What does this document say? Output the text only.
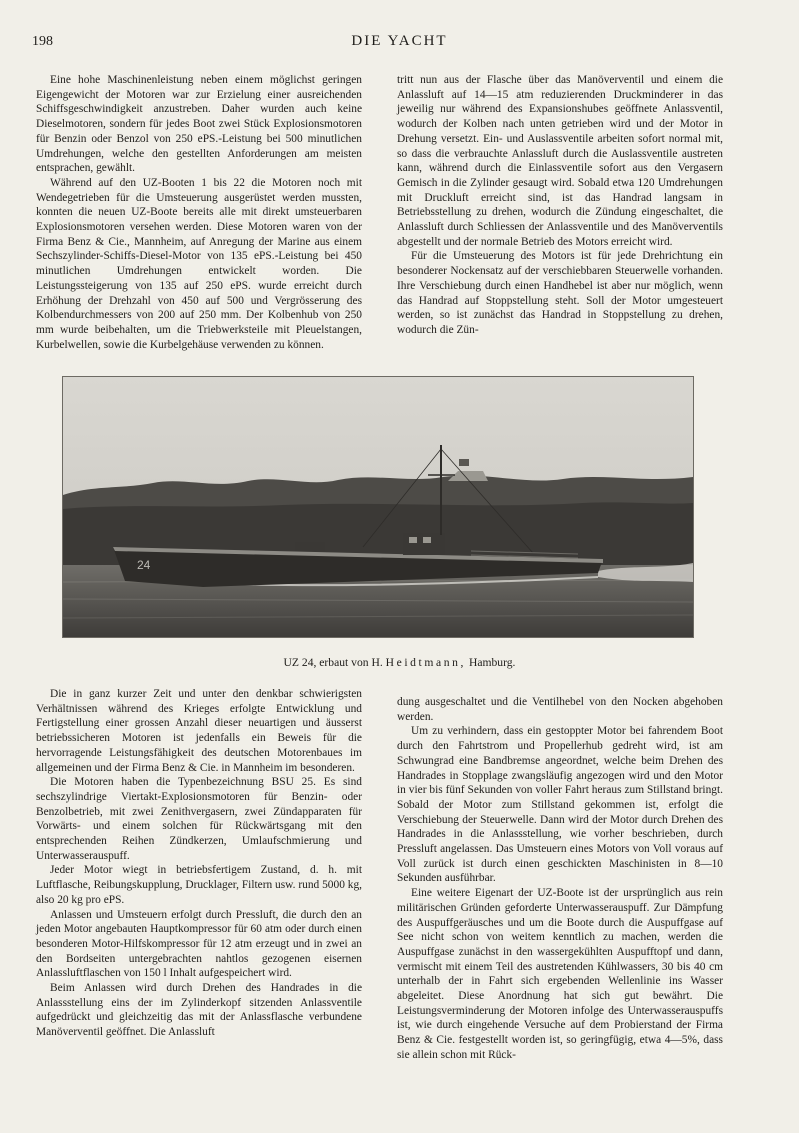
198	DIE YACHT

Eine hohe Maschinenleistung neben einem möglichst geringen Eigengewicht der Motoren war zur Erzielung einer ausreichenden Schiffsgeschwindigkeit anzustreben. Daher wurden auch keine Dieselmotoren, sondern für jedes Boot zwei Stück Explosionsmotoren für Benzin oder Benzol von 250 ePS.-Leistung bei 500 minutlichen Umdrehungen, welche den gestellten Anforderungen am meisten entsprachen, gewählt.

Während auf den UZ-Booten 1 bis 22 die Motoren noch mit Wendegetrieben für die Umsteuerung ausgerüstet werden mussten, konnten die neuen UZ-Boote bereits alle mit direkt umsteuerbaren Explosionsmotoren versehen werden. Diese Motoren waren von der Firma Benz & Cie., Mannheim, auf Anregung der Marine aus einem Sechszylinder-Schiffs-Diesel-Motor von 135 ePS.-Leistung bei 450 minutlichen Umdrehungen entwickelt worden. Die Leistungssteigerung von 135 auf 250 ePS. wurde erreicht durch Erhöhung der Drehzahl von 450 auf 500 und Vergrösserung des Kolbendurchmessers von 200 auf 250 mm. Der Kolbenhub von 250 mm wurde beibehalten, um die Triebwerksteile mit Pleuelstangen, Kurbelwellen, sowie die Kurbelgehäuse verwenden zu können.

tritt nun aus der Flasche über das Manöverventil und einem die Anlassluft auf 14—15 atm reduzierenden Druckminderer in das jeweilig nur während des Expansionshubes geöffnete Anlassventil, wodurch der Kolben nach unten getrieben wird und der Motor in Drehung versetzt. Ein- und Auslassventile arbeiten sofort normal mit, so dass die verbrauchte Anlassluft durch die Auslassventile austreten kann, während durch die Einlassventile sofort aus den Vergasern Gemisch in die Zylinder gesaugt wird. Sobald etwa 120 Umdrehungen mit Druckluft erreicht sind, ist das Handrad langsam in Betriebsstellung zu drehen, wodurch die Zündung eingeschaltet, die Anlassluft durch Schliessen der Anlassventile und des Manöverventils abgestellt und der normale Betrieb des Motors erreicht wird.

Für die Umsteuerung des Motors ist für jede Drehrichtung ein besonderer Nockensatz auf der verschiebbaren Steuerwelle vorhanden. Ihre Verschiebung durch einen Handhebel ist aber nur möglich, wenn das Handrad auf Stoppstellung steht. Soll der Motor umgesteuert werden, so ist zunächst das Handrad in Stoppstellung zu drehen, wodurch die Zün-

24
UZ 24, erbaut von H. Heidtmann, Hamburg.

Die in ganz kurzer Zeit und unter den denkbar schwierigsten Verhältnissen während des Krieges erfolgte Entwicklung und Fertigstellung einer grossen Anzahl dieser neuartigen und äusserst betriebssicheren Motoren ist jedenfalls ein Beweis für die hervorragende Leistungsfähigkeit des deutschen Motorenbaues im allgemeinen und der Firma Benz & Cie. in Mannheim im besonderen.

Die Motoren haben die Typenbezeichnung BSU 25. Es sind sechszylindrige Viertakt-Explosionsmotoren für Benzin- oder Benzolbetrieb, mit zwei Zenithvergasern, zwei Zündapparaten für Vorwärts- und einem solchen für Rückwärtsgang mit den entsprechenden Reihen Zündkerzen, Umlaufschmierung und Unterwasserauspuff.

Jeder Motor wiegt in betriebsfertigem Zustand, d. h. mit Luftflasche, Reibungskupplung, Drucklager, Filtern usw. rund 5000 kg, also 20 kg pro ePS.

Anlassen und Umsteuern erfolgt durch Pressluft, die durch den an jeden Motor angebauten Hauptkompressor für 60 atm oder durch einen besonderen Motor-Hilfskompressor für 12 atm erzeugt und in zwei an den Bordseiten untergebrachten nahtlos gezogenen eisernen Anlassluftflaschen von 150 l Inhalt aufgespeichert wird.

Beim Anlassen wird durch Drehen des Handrades in die Anlassstellung eins der im Zylinderkopf sitzenden Anlassventile aufgedrückt und gleichzeitig das mit der Anlassflasche verbundene Manöverventil geöffnet. Die Anlassluft

dung ausgeschaltet und die Ventilhebel von den Nocken abgehoben werden.

Um zu verhindern, dass ein gestoppter Motor bei fahrendem Boot durch den Fahrtstrom und Propellerhub gedreht wird, ist am Schwungrad eine Bandbremse angeordnet, welche beim Drehen des Handrades in Stopplage zwangsläufig angezogen wird und den Motor in vier bis fünf Sekunden von voller Fahrt heraus zum Stillstand bringt. Sobald der Motor zum Stillstand gekommen ist, erfolgt die Verschiebung der Steuerwelle. Dann wird der Motor durch Drehen des Handrades in die Anlassstellung, wie vorher beschrieben, durch Pressluft angelassen. Das Umsteuern eines Motors von Voll voraus auf Voll zurück ist durch einen geschickten Maschinisten in 8—10 Sekunden ausführbar.

Eine weitere Eigenart der UZ-Boote ist der ursprünglich aus rein militärischen Gründen geforderte Unterwasserauspuff. Zur Dämpfung des Auspuffgeräusches und um die Boote durch die Auspuffgase auf See nicht schon von weitem kenntlich zu machen, werden die Auspuffgase zunächst in den wassergekühlten Auspufftopf und dann, vermischt mit einem Teil des austretenden Kühlwassers, 30 bis 40 cm unterhalb der in Fahrt sich ergebenden Wellenlinie ins Wasser abgeleitet. Diese Anordnung hat sich gut bewährt. Die Leistungsverminderung der Motoren infolge des Unterwasserauspuffs ist, wie durch eingehende Versuche auf dem Probierstand der Firma Benz & Cie. festgestellt worden ist, so geringfügig, etwa 4—5%, dass sie allein schon mit Rück-
